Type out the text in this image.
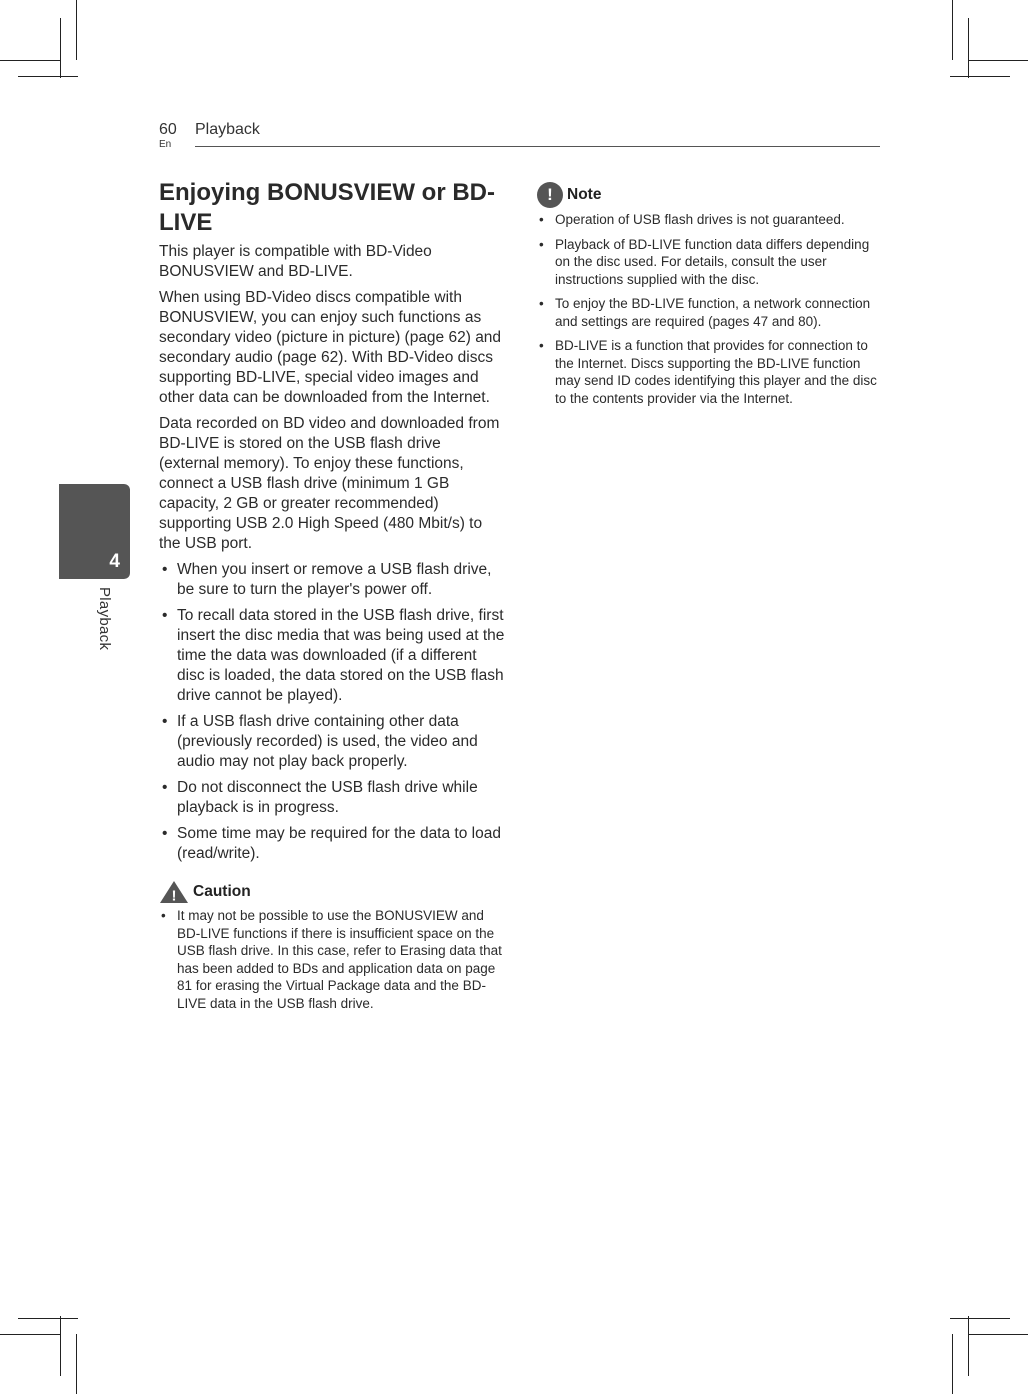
60
En
Playback
4
Playback
Enjoying BONUSVIEW or BD-LIVE

This player is compatible with BD-Video BONUSVIEW and BD-LIVE.

When using BD-Video discs compatible with BONUSVIEW, you can enjoy such functions as secondary video (picture in picture) (page 62) and secondary audio (page 62). With BD-Video discs supporting BD-LIVE, special video images and other data can be downloaded from the Internet.

Data recorded on BD video and downloaded from BD-LIVE is stored on the USB flash drive (external memory). To enjoy these functions, connect a USB flash drive (minimum 1 GB capacity, 2 GB or greater recommended) supporting USB 2.0 High Speed (480 Mbit/s) to the USB port.

• When you insert or remove a USB flash drive, be sure to turn the player's power off.
• To recall data stored in the USB flash drive, first insert the disc media that was being used at the time the data was downloaded (if a different disc is loaded, the data stored on the USB flash drive cannot be played).
• If a USB flash drive containing other data (previously recorded) is used, the video and audio may not play back properly.
• Do not disconnect the USB flash drive while playback is in progress.
• Some time may be required for the data to load (read/write).
! Caution
• It may not be possible to use the BONUSVIEW and BD-LIVE functions if there is insufficient space on the USB flash drive. In this case, refer to Erasing data that has been added to BDs and application data on page 81 for erasing the Virtual Package data and the BD-LIVE data in the USB flash drive.
! Note
• Operation of USB flash drives is not guaranteed.
• Playback of BD-LIVE function data differs depending on the disc used. For details, consult the user instructions supplied with the disc.
• To enjoy the BD-LIVE function, a network connection and settings are required (pages 47 and 80).
• BD-LIVE is a function that provides for connection to the Internet. Discs supporting the BD-LIVE function may send ID codes identifying this player and the disc to the contents provider via the Internet.
